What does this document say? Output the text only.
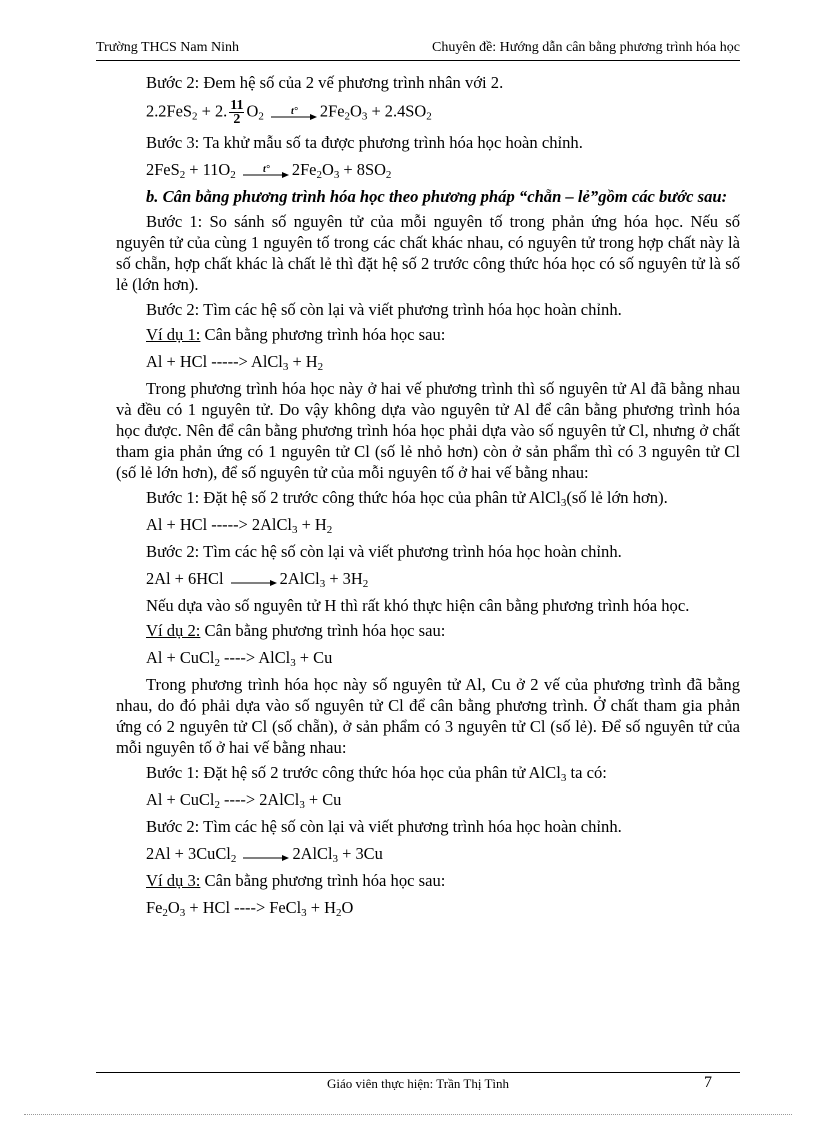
Trường THCS Nam Ninh	Chuyên đề: Hướng dẫn cân bằng phương trình hóa học

Bước 2: Đem hệ số của 2 vế phương trình nhân với 2.

2.2FeS$_2$ + 2. $\frac{11}{2} O_2$	t° $2Fe_2O_3 + 2.4SO_2$

Bước 3: Ta khử mẫu số ta được phương trình hóa học hoàn chỉnh.

$2FeS_2 + 11O_2$	t° $2Fe_2O_3 + 8SO_2$

b. Cân bằng phương trình hóa học theo phương pháp “chẵn – lẻ”gồm các bước sau:

Bước 1: So sánh số nguyên tử của mỗi nguyên tố trong phản ứng hóa học. Nếu số nguyên tử của cùng 1 nguyên tố trong các chất khác nhau, có nguyên tử trong hợp chất này là số chẵn, hợp chất khác là chất lẻ thì đặt hệ số 2 trước công thức hóa học có số nguyên tử là số lẻ (lớn hơn).

Bước 2: Tìm các hệ số còn lại và viết phương trình hóa học hoàn chỉnh.

Ví dụ 1: Cân bằng phương trình hóa học sau:

Al + HCl -----> AlCl$_3$ + $H_2$

Trong phương trình hóa học này ở hai vế phương trình thì số nguyên tử Al đã bằng nhau và đều có 1 nguyên tử. Do vậy không dựa vào nguyên tử Al để cân bằng phương trình hóa học được. Nên để cân bằng phương trình hóa học phải dựa vào số nguyên tử Cl, nhưng ở chất tham gia phản ứng có 1 nguyên tử Cl (số lẻ nhỏ hơn) còn ở sản phẩm thì có 3 nguyên tử Cl (số lẻ lớn hơn), để số nguyên tử của mỗi nguyên tố ở hai vế bằng nhau:

Bước 1: Đặt hệ số 2 trước công thức hóa học của phân tử AlCl$_3$(số lẻ lớn hơn).

Al + HCl -----> 2AlCl$_3$ + $H_2$

Bước 2: Tìm các hệ số còn lại và viết phương trình hóa học hoàn chỉnh.

2Al + 6HCl → 2AlCl$_3$ + $3H_2$

Nếu dựa vào số nguyên tử H thì rất khó thực hiện cân bằng phương trình hóa học.

Ví dụ 2: Cân bằng phương trình hóa học sau:

Al + CuCl$_2$ ----> AlCl$_3$ + Cu

Trong phương trình hóa học này số nguyên tử Al, Cu ở 2 vế của phương trình đã bằng nhau, do đó phải dựa vào số nguyên tử Cl để cân bằng phương trình. Ở chất tham gia phản ứng có 2 nguyên tử Cl (số chẵn), ở sản phẩm có 3 nguyên tử Cl (số lẻ). Để số nguyên tử của mỗi nguyên tố ở hai vế bằng nhau:

Bước 1: Đặt hệ số 2 trước công thức hóa học của phân tử AlCl$_3$ ta có:

Al + CuCl$_2$ ----> 2AlCl$_3$ + Cu

Bước 2: Tìm các hệ số còn lại và viết phương trình hóa học hoàn chỉnh.

2Al + 3CuCl$_2$ → 2AlCl$_3$ + 3Cu

Ví dụ 3: Cân bằng phương trình hóa học sau:

$Fe_2O_3$ + HCl ----> FeCl$_3$ + $H_2O$

Giáo viên thực hiện: Trần Thị Tình	7
